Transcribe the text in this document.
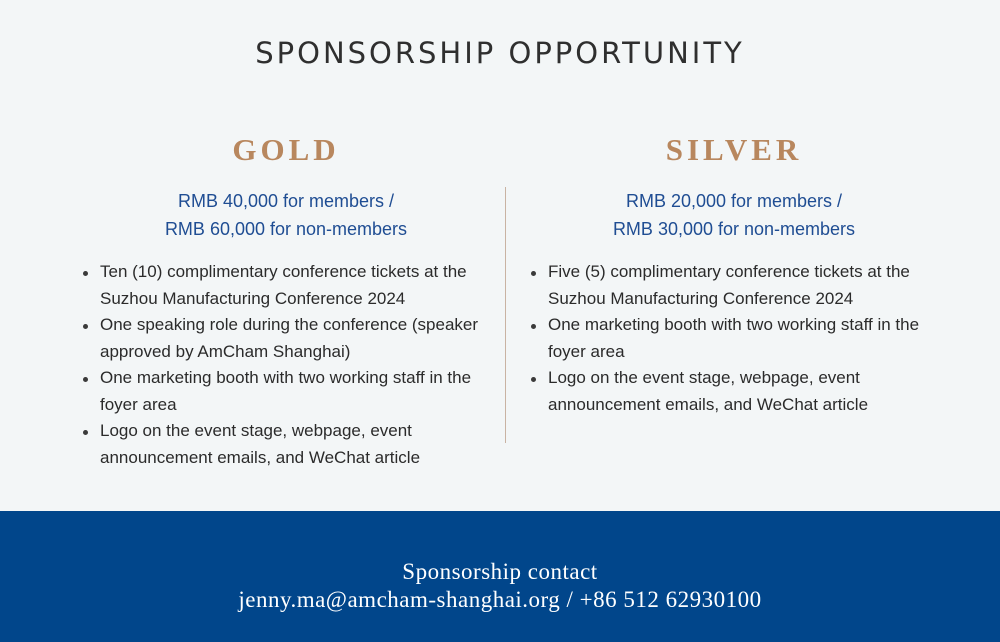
SPONSORSHIP OPPORTUNITY
GOLD
RMB 40,000 for members /
RMB 60,000 for non-members
Ten (10) complimentary conference tickets at the Suzhou Manufacturing Conference 2024
One speaking role during the conference (speaker approved by AmCham Shanghai)
One marketing booth with two working staff in the foyer area
Logo on the event stage, webpage, event announcement emails, and WeChat article
SILVER
RMB 20,000 for members /
RMB 30,000 for non-members
Five (5) complimentary conference tickets at the Suzhou Manufacturing Conference 2024
One marketing booth with two working staff in the foyer area
Logo on the event stage, webpage, event announcement emails, and WeChat article
Sponsorship contact
jenny.ma@amcham-shanghai.org / +86 512 62930100
